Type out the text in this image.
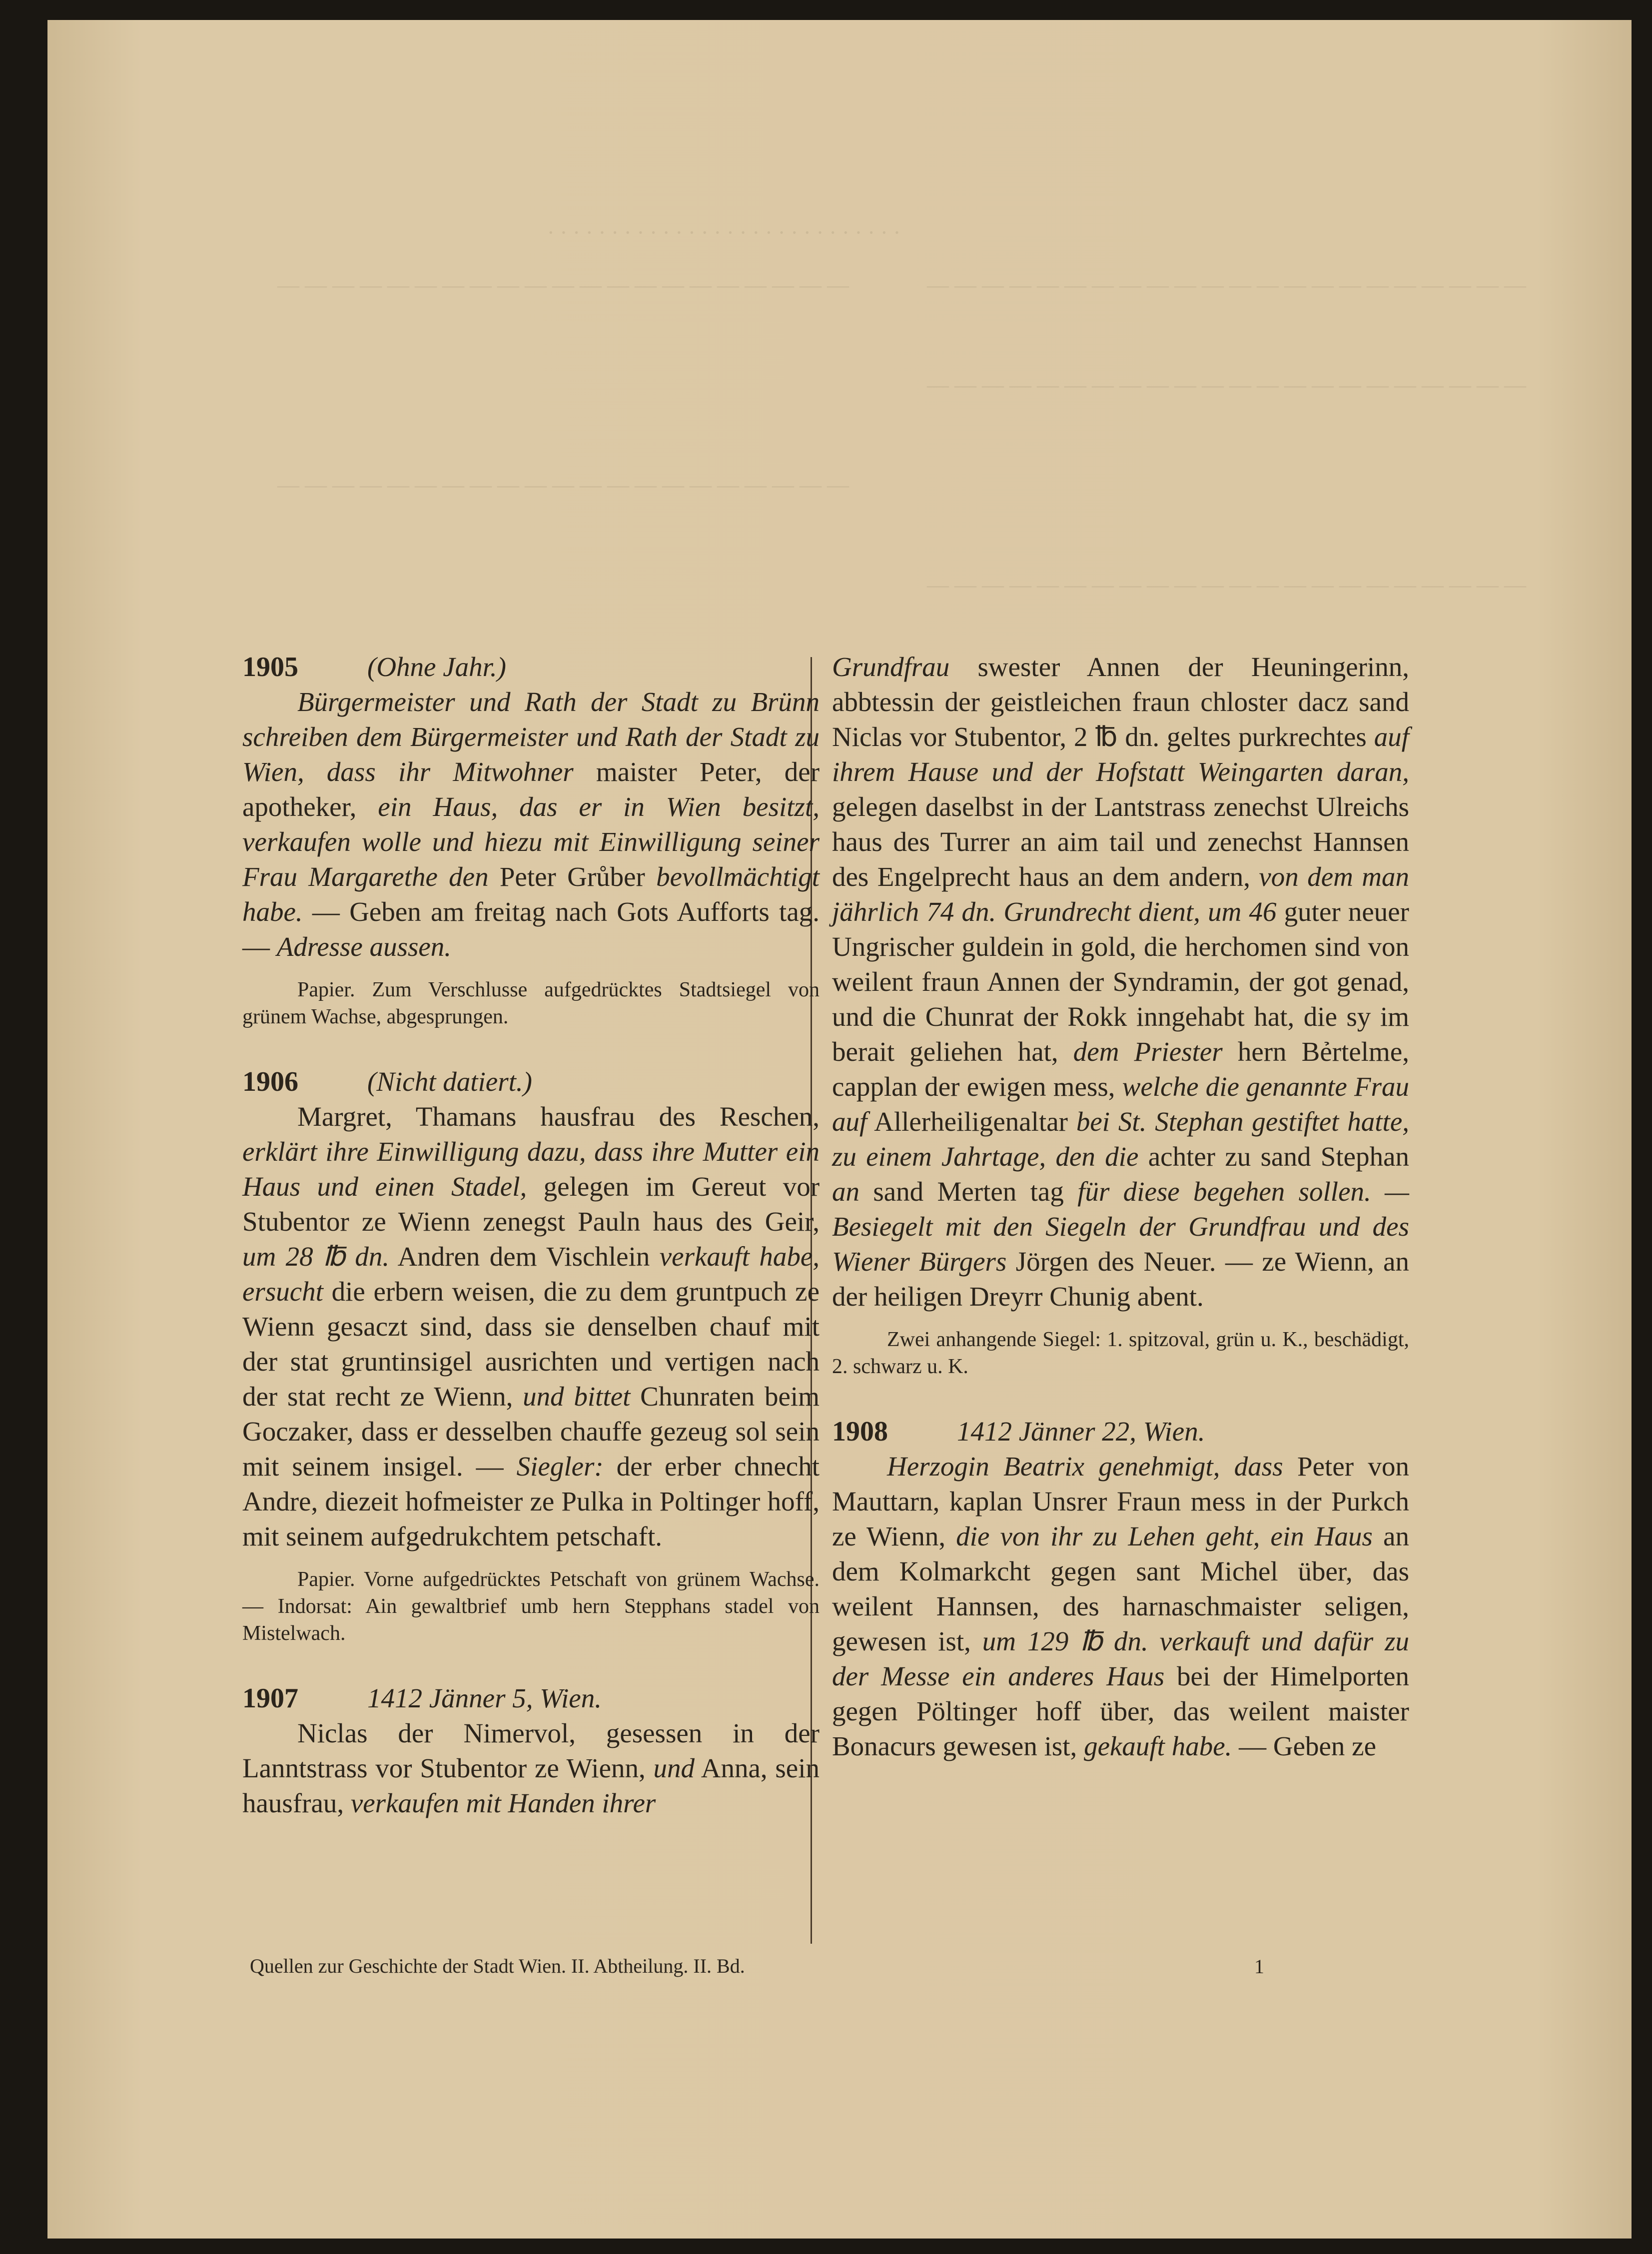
· · · · · · · · · · · · · · · · · · · · · · · · · · · ·
— — — — — — — — — — — — — — — — — — — — — —
— — — — — — — — — — — — — — — — — — — — —
— — — — — — — — — — — — — — — — — — — — — —
— — — — — — — — — — — — — — — — — — — — —
— — — — — — — — — — — — — — — — — — — — — —
1905	(Ohne Jahr.)

Bürgermeister und Rath der Stadt zu Brünn schreiben dem Bürgermeister und Rath der Stadt zu Wien, dass ihr Mitwohner maister Peter, der apotheker, ein Haus, das er in Wien besitzt, verkaufen wolle und hiezu mit Einwilligung seiner Frau Margarethe den Peter Grůber bevollmächtigt habe. — Geben am freitag nach Gots Aufforts tag. — Adresse aussen.

Papier. Zum Verschlusse aufgedrücktes Stadtsiegel von grünem Wachse, abgesprungen.
1906	(Nicht datiert.)

Margret, Thamans hausfrau des Reschen, erklärt ihre Einwilligung dazu, dass ihre Mutter ein Haus und einen Stadel, gelegen im Gereut vor Stubentor ze Wienn zenegst Pauln haus des Geir, um 28 ℔ dn. Andren dem Vischlein verkauft habe, ersucht die erbern weisen, die zu dem gruntpuch ze Wienn gesaczt sind, dass sie denselben chauf mit der stat gruntinsigel ausrichten und vertigen nach der stat recht ze Wienn, und bittet Chunraten beim Goczaker, dass er desselben chauffe gezeug sol sein mit seinem insigel. — Siegler: der erber chnecht Andre, diezeit hofmeister ze Pulka in Poltinger hoff, mit seinem aufgedrukchtem petschaft.

Papier. Vorne aufgedrücktes Petschaft von grünem Wachse. — Indorsat: Ain gewaltbrief umb hern Stepphans stadel von Mistelwach.
1907	1412 Jänner 5, Wien.

Niclas der Nimervol, gesessen in der Lanntstrass vor Stubentor ze Wienn, und Anna, sein hausfrau, verkaufen mit Handen ihrer

Grundfrau swester Annen der Heuningerinn, abbtessin der geistleichen fraun chloster dacz sand Niclas vor Stubentor, 2 ℔ dn. geltes purkrechtes auf ihrem Hause und der Hofstatt Weingarten daran, gelegen daselbst in der Lantstrass zenechst Ulreichs haus des Turrer an aim tail und zenechst Hannsen des Engelprecht haus an dem andern, von dem man jährlich 74 dn. Grundrecht dient, um 46 guter neuer Ungrischer guldein in gold, die herchomen sind von weilent fraun Annen der Syndramin, der got genad, und die Chunrat der Rokk inngehabt hat, die sy im berait geliehen hat, dem Priester hern Bẻrtelme, capplan der ewigen mess, welche die genannte Frau auf Allerheiligenaltar bei St. Stephan gestiftet hatte, zu einem Jahrtage, den die achter zu sand Stephan an sand Merten tag für diese begehen sollen. — Besiegelt mit den Siegeln der Grundfrau und des Wiener Bürgers Jörgen des Neuer. — ze Wienn, an der heiligen Dreyrr Chunig abent.

Zwei anhangende Siegel: 1. spitzoval, grün u. K., beschädigt, 2. schwarz u. K.
1908	1412 Jänner 22, Wien.

Herzogin Beatrix genehmigt, dass Peter von Mauttarn, kaplan Unsrer Fraun mess in der Purkch ze Wienn, die von ihr zu Lehen geht, ein Haus an dem Kolmarkcht gegen sant Michel über, das weilent Hannsen, des harnaschmaister seligen, gewesen ist, um 129 ℔ dn. verkauft und dafür zu der Messe ein anderes Haus bei der Himelporten gegen Pöltinger hoff über, das weilent maister Bonacurs gewesen ist, gekauft habe. — Geben ze

Quellen zur Geschichte der Stadt Wien. II. Abtheilung. II. Bd.	1
